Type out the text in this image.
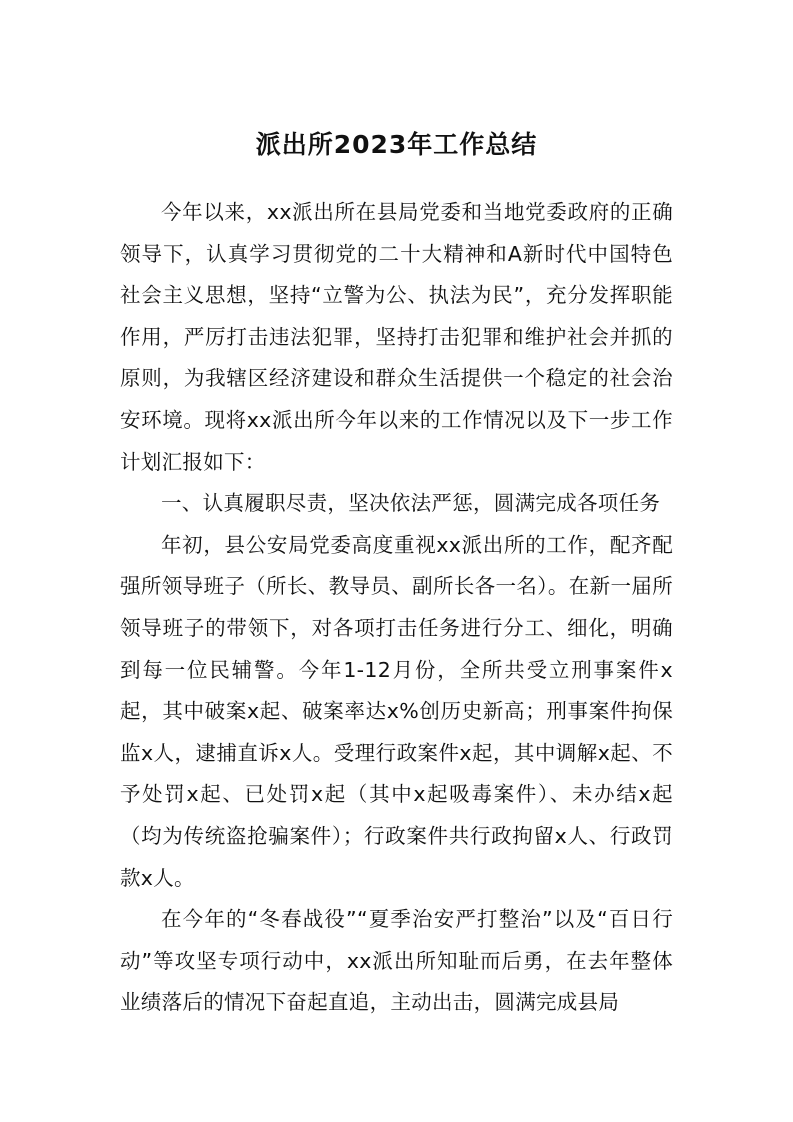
派出所2023年工作总结

今年以来，xx派出所在县局党委和当地党委政府的正确领导下，认真学习贯彻党的二十大精神和A新时代中国特色社会主义思想，坚持“立警为公、执法为民”，充分发挥职能作用，严厉打击违法犯罪，坚持打击犯罪和维护社会并抓的原则，为我辖区经济建设和群众生活提供一个稳定的社会治安环境。现将xx派出所今年以来的工作情况以及下一步工作计划汇报如下：

一、认真履职尽责，坚决依法严惩，圆满完成各项任务

年初，县公安局党委高度重视xx派出所的工作，配齐配强所领导班子（所长、教导员、副所长各一名）。在新一届所领导班子的带领下，对各项打击任务进行分工、细化，明确到每一位民辅警。今年1-12月份，全所共受立刑事案件x起，其中破案x起、破案率达x%创历史新高；刑事案件拘保监x人，逮捕直诉x人。受理行政案件x起，其中调解x起、不予处罚x起、已处罚x起（其中x起吸毒案件）、未办结x起（均为传统盗抢骗案件）；行政案件共行政拘留x人、行政罚款x人。

在今年的“冬春战役”“夏季治安严打整治”以及“百日行动”等攻坚专项行动中，xx派出所知耻而后勇，在去年整体业绩落后的情况下奋起直追，主动出击，圆满完成县局
